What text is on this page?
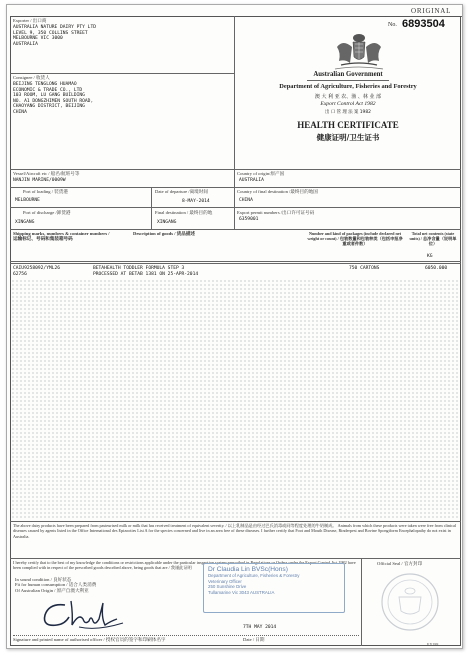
ORIGINAL
No. 6893504
Exporter / 出口商
AUSTRALIA NATURE DAIRY PTY LTD
LEVEL 9, 350 COLLINS STREET
MELBOURNE VIC 3000
AUSTRALIA
Consignee / 收货人
BEIJING TENGLONG HUAMAO
ECONOMIC & TRADE CO., LTD
103 ROOM, LU GANG BUILDING
NO. A1 DONGZHIMEN SOUTH ROAD,
CHAOYANG DISTRICT, BEIJING
CHINA
Australian Government
Department of Agriculture, Fisheries and Forestry
澳 大 利 亚 农、渔 、林 业 部
Export Control Act 1982
出 口 管 理 法 案 1982
HEALTH CERTIFICATE
健康证明/卫生证书
Vessel/Aircraft etc / 船名/航班号等
NANJIN MARINE/0009W
Country of origin/原产国
AUSTRALIA
Port of loading / 装货港
MELBOURNE
Date of departure /离境时间
8-MAY-2014
Country of final destination /最终目的地国
CHINA
Port of discharge /卸货港
XINGANG
Final destination / 最终目的地
XINGANG
Export permit numbers /出口许可证号码
6359001
Shipping marks, numbers & container numbers / 运输标记、号码和集装箱号码
Description of goods / 货品描述	Number and kind of packages (include declared net weight or count) / 包装数量和包装种类（包括申报净重或者件数）
Total net contents (state units) / 总净含量（说明单位）
KG
CAIU9258092/YML26
62756
BETAHEALTH TODDLER FORMULA STEP 3
PROCESSED AT BETAB 1381 ON 25-APR-2014
750 CARTONS	6050.000
The above dairy products have been prepared from pasteurised milk or milk that has received treatment of equivalent severity. / 以上乳制品是由经过巴氏消毒或同等程度处理的牛奶制成。 Animals from which these products were taken were free from clinical diseases caused by agents listed in the Office International des Epizooties List A for the species concerned and live in an area free of these diseases. I further certify that Foot and Mouth Disease, Rinderpest and Bovine Spongiform Encephalopathy do not exist in Australia.
I hereby certify that to the best of my knowledge the conditions or restrictions applicable under the particular inspection system prescribed in Regulations or Orders under the Export Control Act 1982 have been complied with in respect of the prescribed goods described above, being goods that are / 我谨此证明
Official Seal / 官方封印
In sound condition / 良好状态
Fit for human consumption / 适合人类消费
Of Australian Origin / 原产自澳大利亚
Dr Claudia Lin BVSc(Hons)
Department of Agriculture, Fisheries & Forestry
Veterinary Officer
250 Sunshine Drive
Tullamarine Vic 3043 AUSTRALIA
7TH MAY 2014
Signature and printed name of authorised officer / 授权官员的签字和印刷体名字	Date / 日期
EX188
